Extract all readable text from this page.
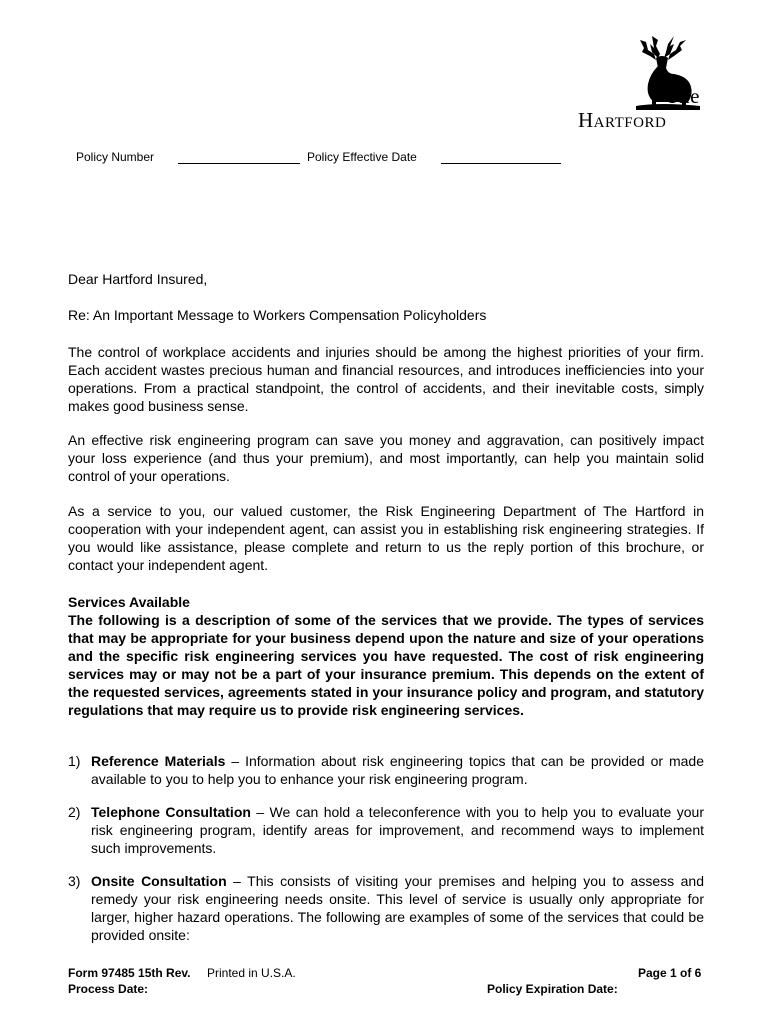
The
Hartford
Policy Number	Policy Effective Date
Dear Hartford Insured,
Re: An Important Message to Workers Compensation Policyholders
The control of workplace accidents and injuries should be among the highest priorities of your firm. Each accident wastes precious human and financial resources, and introduces inefficiencies into your operations. From a practical standpoint, the control of accidents, and their inevitable costs, simply makes good business sense.
An effective risk engineering program can save you money and aggravation, can positively impact your loss experience (and thus your premium), and most importantly, can help you maintain solid control of your operations.
As a service to you, our valued customer, the Risk Engineering Department of The Hartford in cooperation with your independent agent, can assist you in establishing risk engineering strategies. If you would like assistance, please complete and return to us the reply portion of this brochure, or contact your independent agent.
Services Available
The following is a description of some of the services that we provide. The types of services that may be appropriate for your business depend upon the nature and size of your operations and the specific risk engineering services you have requested. The cost of risk engineering services may or may not be a part of your insurance premium. This depends on the extent of the requested services, agreements stated in your insurance policy and program, and statutory regulations that may require us to provide risk engineering services.
1) Reference Materials – Information about risk engineering topics that can be provided or made available to you to help you to enhance your risk engineering program.
2) Telephone Consultation – We can hold a teleconference with you to help you to evaluate your risk engineering program, identify areas for improvement, and recommend ways to implement such improvements.
3) Onsite Consultation – This consists of visiting your premises and helping you to assess and remedy your risk engineering needs onsite. This level of service is usually only appropriate for larger, higher hazard operations. The following are examples of some of the services that could be provided onsite:
Form 97485 15th Rev. Printed in U.S.A.	Page 1 of 6
Process Date:	Policy Expiration Date:
